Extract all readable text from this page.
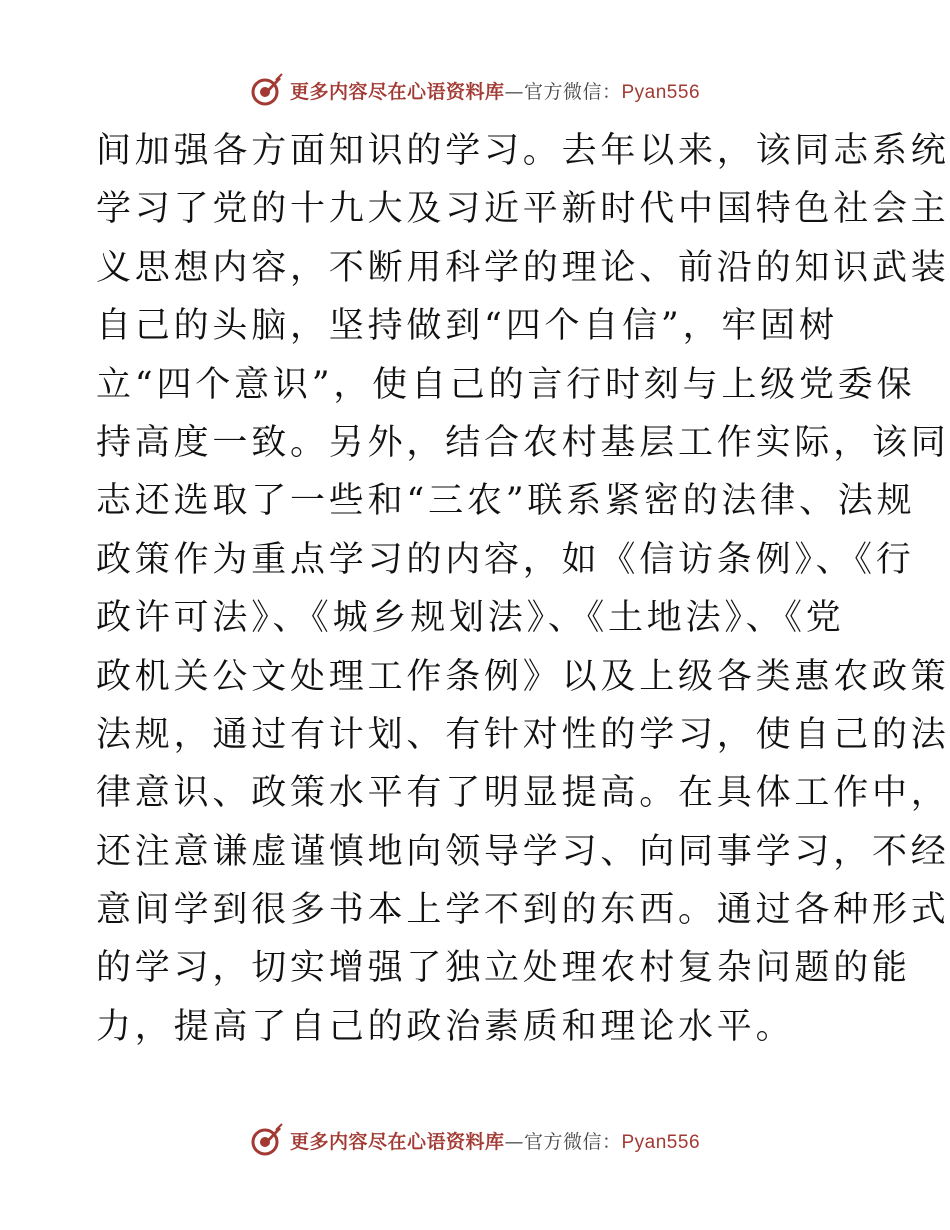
更多内容尽在心语资料库—官方微信：Pyan556
间加强各方面知识的学习。去年以来，该同志系统
学习了党的十九大及习近平新时代中国特色社会主
义思想内容，不断用科学的理论、前沿的知识武装
自己的头脑，坚持做到“四个自信”，牢固树
立“四个意识”，使自己的言行时刻与上级党委保
持高度一致。另外，结合农村基层工作实际，该同
志还选取了一些和“三农”联系紧密的法律、法规
政策作为重点学习的内容，如《信访条例》、《行
政许可法》、《城乡规划法》、《土地法》、《党
政机关公文处理工作条例》以及上级各类惠农政策
法规，通过有计划、有针对性的学习，使自己的法
律意识、政策水平有了明显提高。在具体工作中，
还注意谦虚谨慎地向领导学习、向同事学习，不经
意间学到很多书本上学不到的东西。通过各种形式
的学习，切实增强了独立处理农村复杂问题的能
力，提高了自己的政治素质和理论水平。
更多内容尽在心语资料库—官方微信：Pyan556
